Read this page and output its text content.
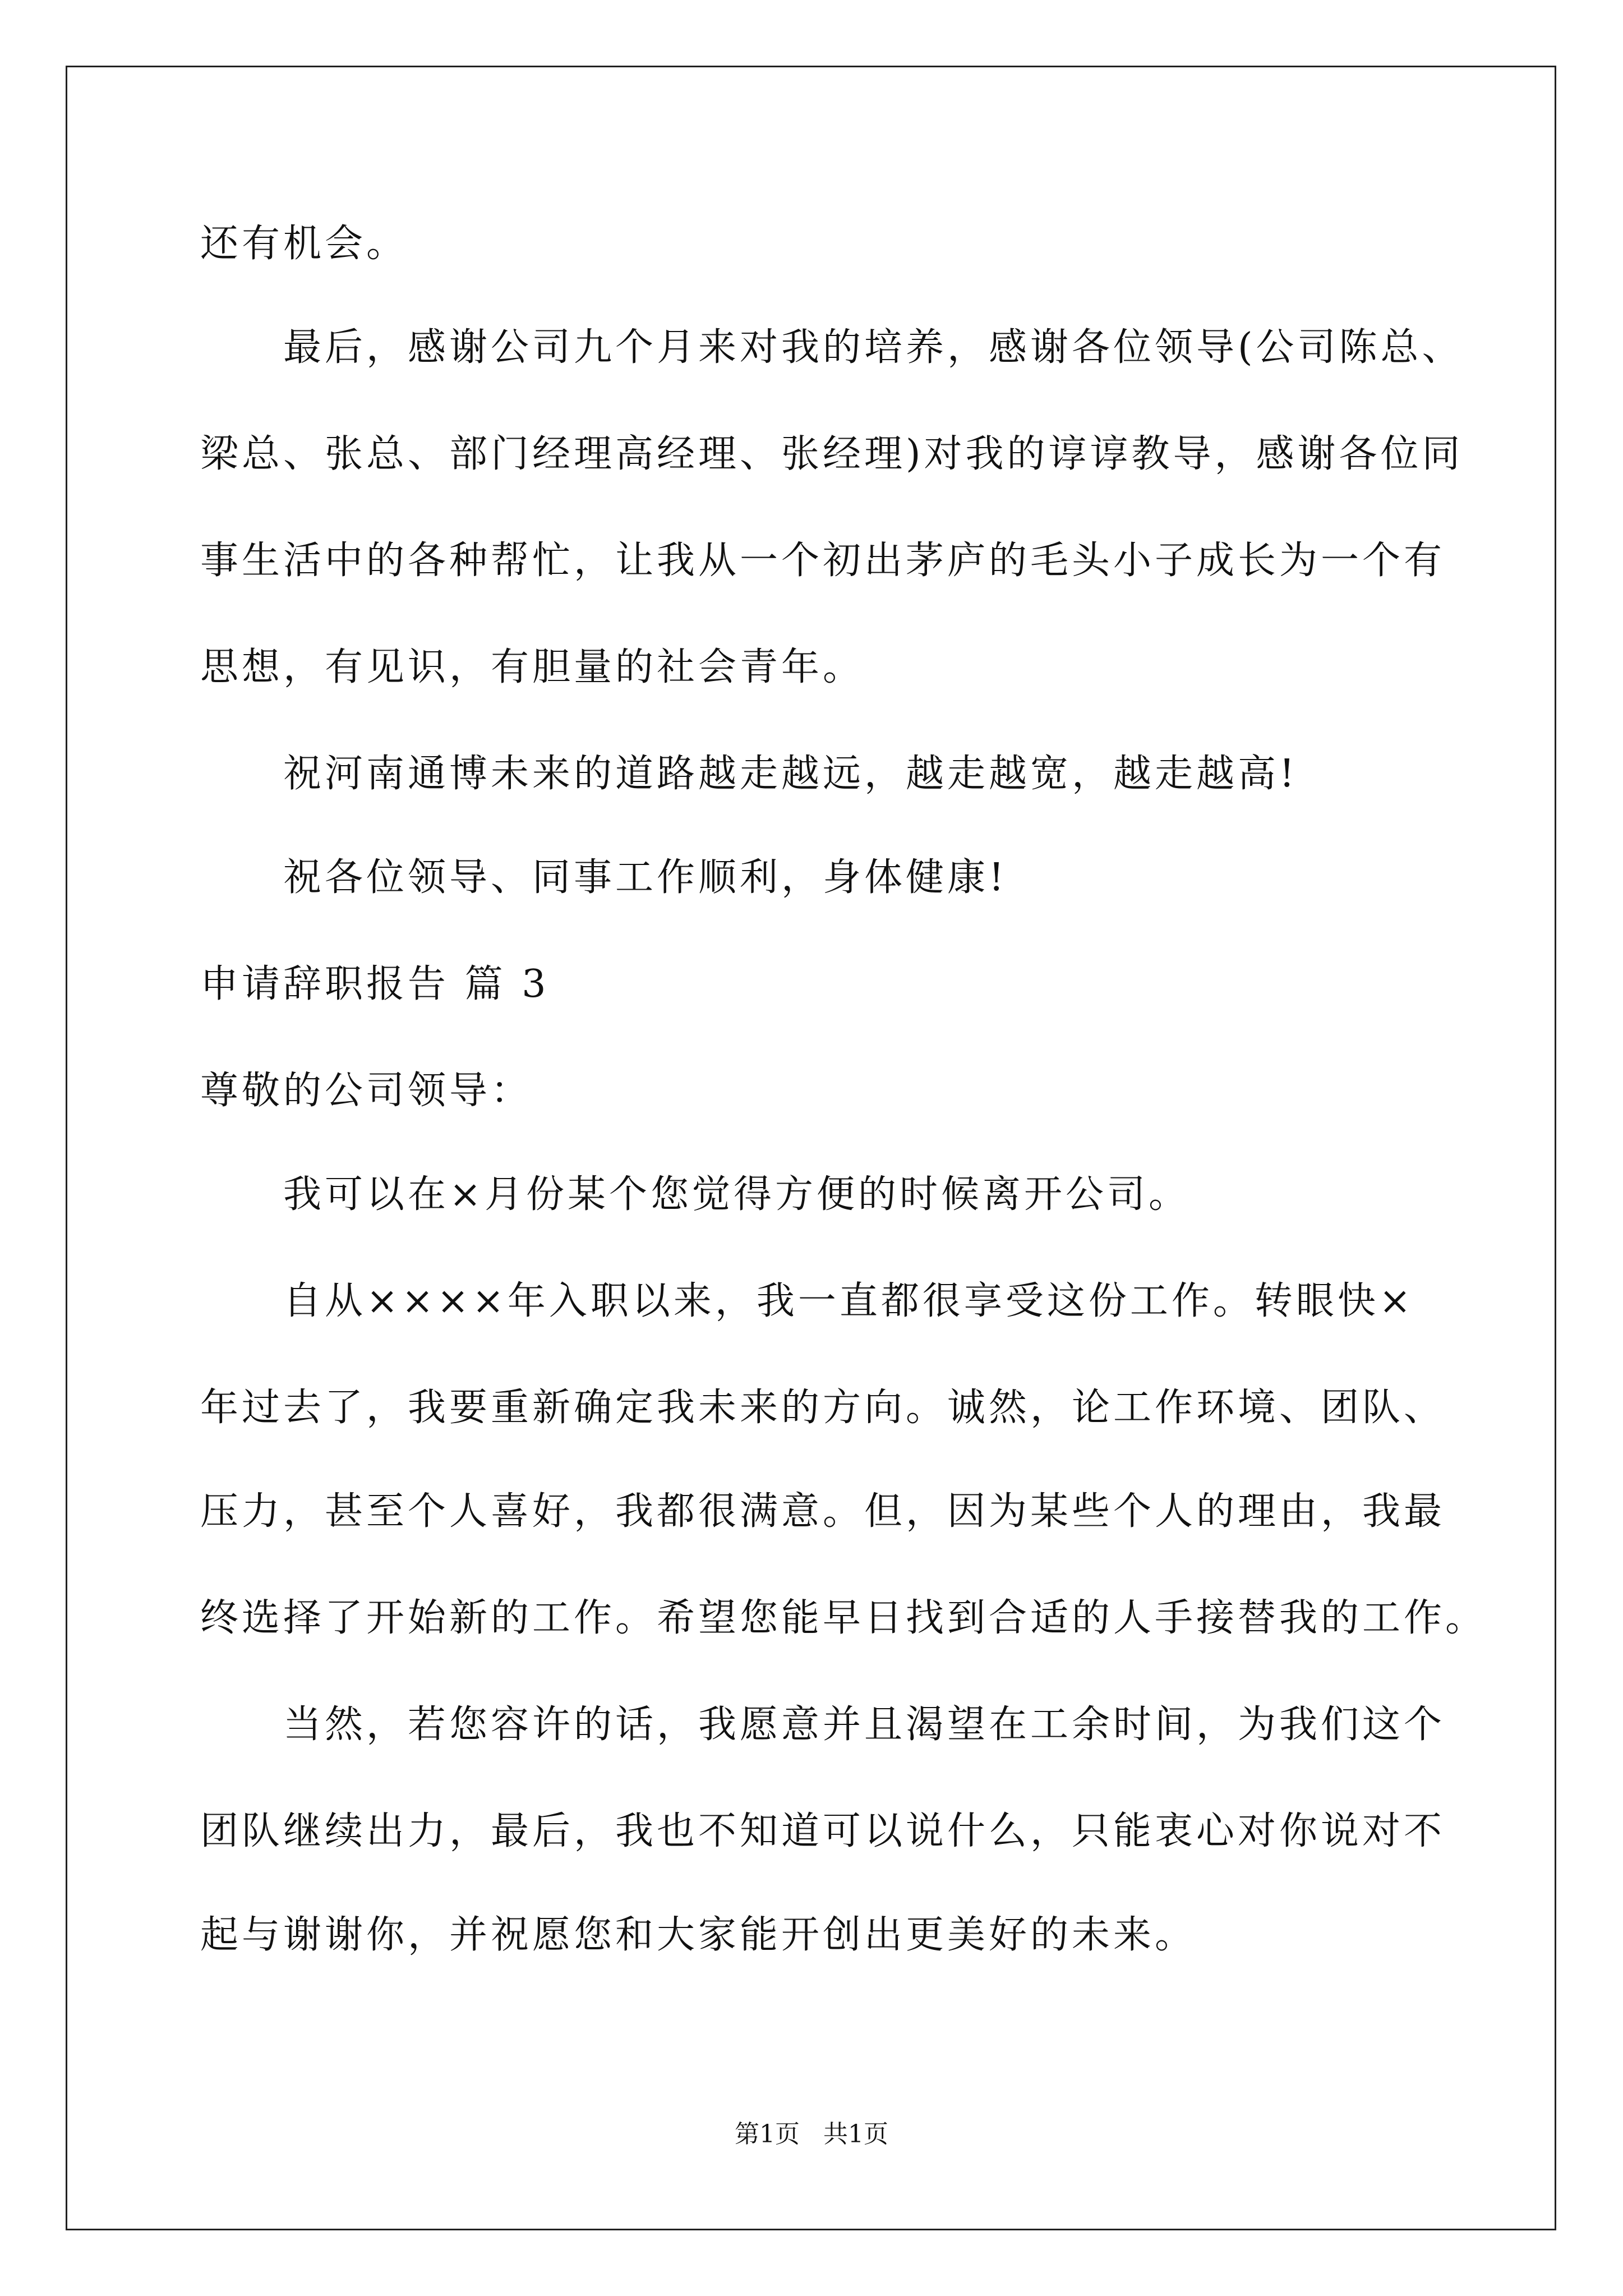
还有机会。
最后，感谢公司九个月来对我的培养，感谢各位领导(公司陈总、
梁总、张总、部门经理高经理、张经理)对我的谆谆教导，感谢各位同
事生活中的各种帮忙，让我从一个初出茅庐的毛头小子成长为一个有
思想，有见识，有胆量的社会青年。
祝河南通博未来的道路越走越远，越走越宽，越走越高!
祝各位领导、同事工作顺利，身体健康!
申请辞职报告 篇 3
尊敬的公司领导：
我可以在×月份某个您觉得方便的时候离开公司。
自从××××年入职以来，我一直都很享受这份工作。转眼快×
年过去了，我要重新确定我未来的方向。诚然，论工作环境、团队、
压力，甚至个人喜好，我都很满意。但，因为某些个人的理由，我最
终选择了开始新的工作。希望您能早日找到合适的人手接替我的工作。
当然，若您容许的话，我愿意并且渴望在工余时间，为我们这个
团队继续出力，最后，我也不知道可以说什么，只能衷心对你说对不
起与谢谢你，并祝愿您和大家能开创出更美好的未来。
第1页   共1页
